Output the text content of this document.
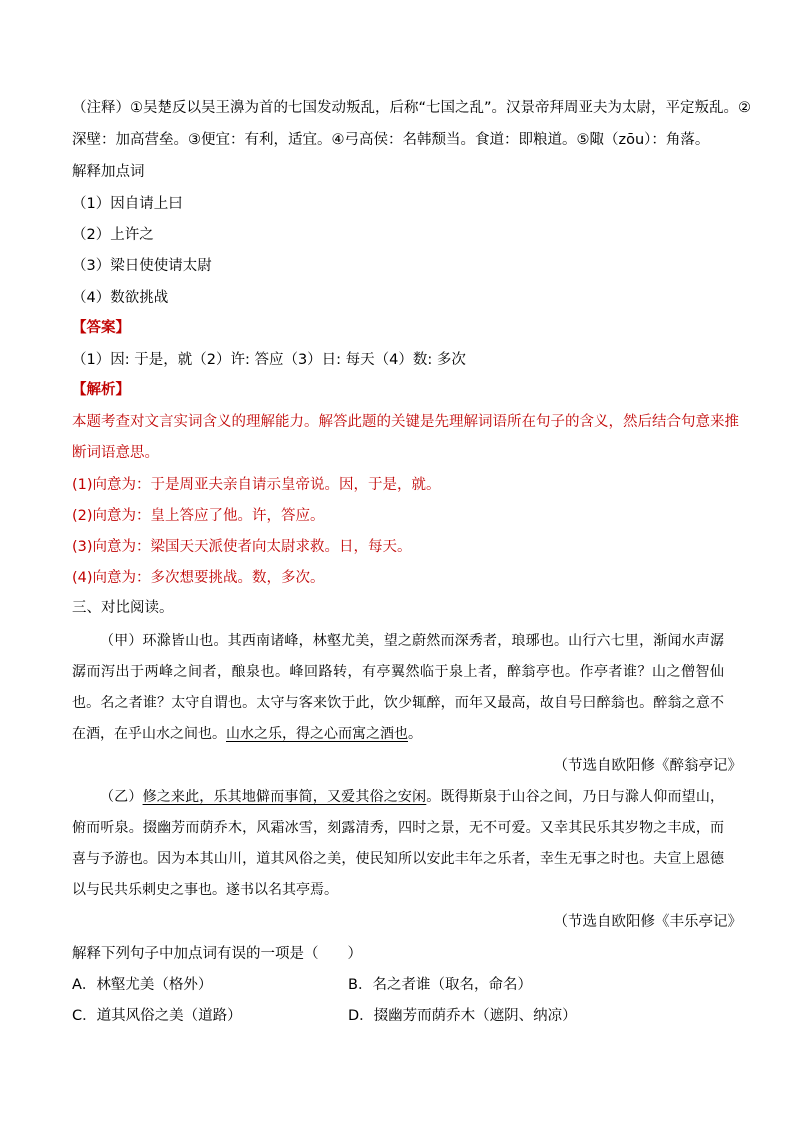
（注释）①吴楚反以吴王濞为首的七国发动叛乱，后称“七国之乱”。汉景帝拜周亚夫为太尉，平定叛乱。②
深壁：加高营垒。③便宜：有利，适宜。④弓高侯：名韩颓当。食道：即粮道。⑤陬（zōu）：角落。
解释加点词
（1）因自请上曰
（2）上许之
（3）梁日使使请太尉
（4）数欲挑战
【答案】
（1）因: 于是，就（2）许: 答应（3）日: 每天（4）数: 多次
【解析】
本题考查对文言实词含义的理解能力。解答此题的关键是先理解词语所在句子的含义，然后结合句意来推
断词语意思。
(1)向意为：于是周亚夫亲自请示皇帝说。因，于是，就。
(2)向意为：皇上答应了他。许，答应。
(3)向意为：梁国天天派使者向太尉求救。日，每天。
(4)向意为：多次想要挑战。数，多次。
三、对比阅读。
（甲）环滁皆山也。其西南诸峰，林壑尤美，望之蔚然而深秀者，琅琊也。山行六七里，渐闻水声潺潺而泻出于两峰之间者，酿泉也。峰回路转，有亭翼然临于泉上者，醉翁亭也。作亭者谁？山之僧智仙也。名之者谁？太守自谓也。太守与客来饮于此，饮少辄醉，而年又最高，故自号曰醉翁也。醉翁之意不在酒，在乎山水之间也。山水之乐，得之心而寓之酒也。
（节选自欧阳修《醉翁亭记》
（乙）修之来此，乐其地僻而事简，又爱其俗之安闲。既得斯泉于山谷之间，乃日与滁人仰而望山，俯而听泉。掇幽芳而荫乔木，风霜冰雪，刻露清秀，四时之景，无不可爱。又幸其民乐其岁物之丰成，而喜与予游也。因为本其山川，道其风俗之美，使民知所以安此丰年之乐者，幸生无事之时也。夫宣上恩德以与民共乐刺史之事也。遂书以名其亭焉。
（节选自欧阳修《丰乐亭记》
解释下列句子中加点词有误的一项是（　　）
A．林壑尤美（格外）	B．名之者谁（取名，命名）
C．道其风俗之美（道路）	D．掇幽芳而荫乔木（遮阴、纳凉）
